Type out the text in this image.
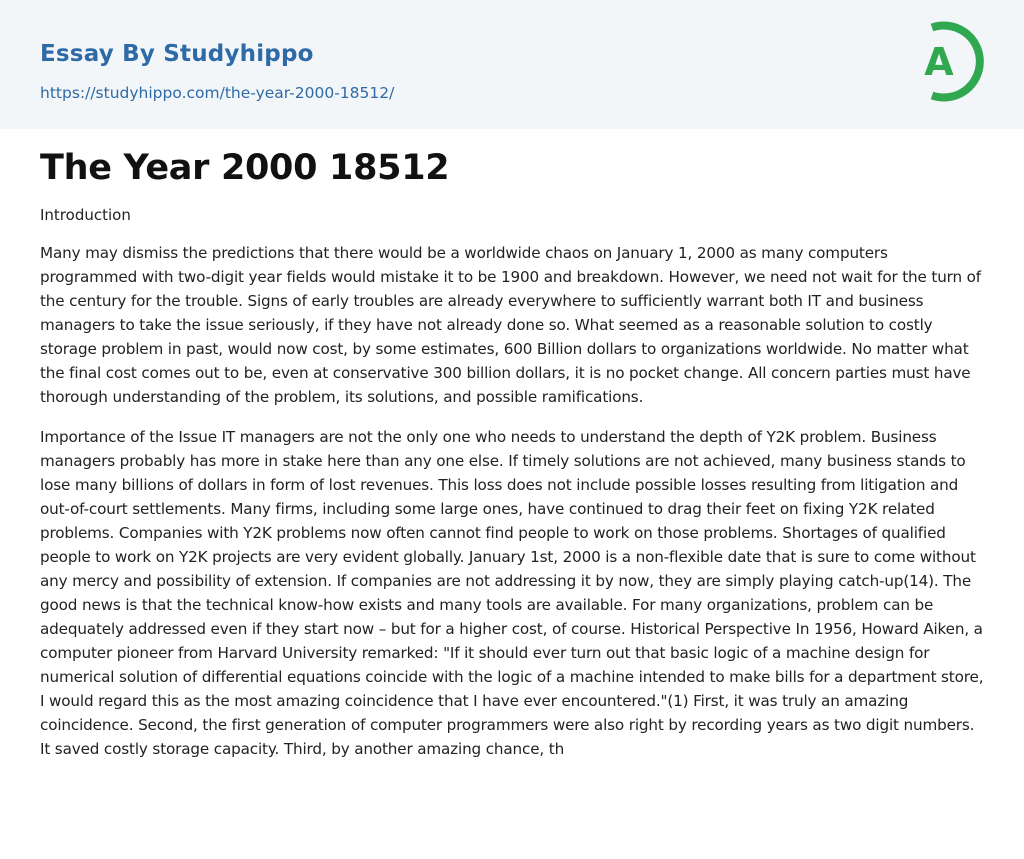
Essay By Studyhippo
https://studyhippo.com/the-year-2000-18512/
A
The Year 2000 18512
Introduction

Many may dismiss the predictions that there would be a worldwide chaos on January 1, 2000 as many computers programmed with two-digit year fields would mistake it to be 1900 and breakdown. However, we need not wait for the turn of the century for the trouble. Signs of early troubles are already everywhere to sufficiently warrant both IT and business managers to take the issue seriously, if they have not already done so. What seemed as a reasonable solution to costly storage problem in past, would now cost, by some estimates, 600 Billion dollars to organizations worldwide. No matter what the final cost comes out to be, even at conservative 300 billion dollars, it is no pocket change. All concern parties must have thorough understanding of the problem, its solutions, and possible ramifications.

Importance of the Issue IT managers are not the only one who needs to understand the depth of Y2K problem. Business managers probably has more in stake here than any one else. If timely solutions are not achieved, many business stands to lose many billions of dollars in form of lost revenues. This loss does not include possible losses resulting from litigation and out-of-court settlements. Many firms, including some large ones, have continued to drag their feet on fixing Y2K related problems. Companies with Y2K problems now often cannot find people to work on those problems. Shortages of qualified people to work on Y2K projects are very evident globally. January 1st, 2000 is a non-flexible date that is sure to come without any mercy and possibility of extension. If companies are not addressing it by now, they are simply playing catch-up(14). The good news is that the technical know-how exists and many tools are available. For many organizations, problem can be adequately addressed even if they start now – but for a higher cost, of course. Historical Perspective In 1956, Howard Aiken, a computer pioneer from Harvard University remarked: "If it should ever turn out that basic logic of a machine design for numerical solution of differential equations coincide with the logic of a machine intended to make bills for a department store, I would regard this as the most amazing coincidence that I have ever encountered."(1) First, it was truly an amazing coincidence. Second, the first generation of computer programmers were also right by recording years as two digit numbers. It saved costly storage capacity. Third, by another amazing chance, th
